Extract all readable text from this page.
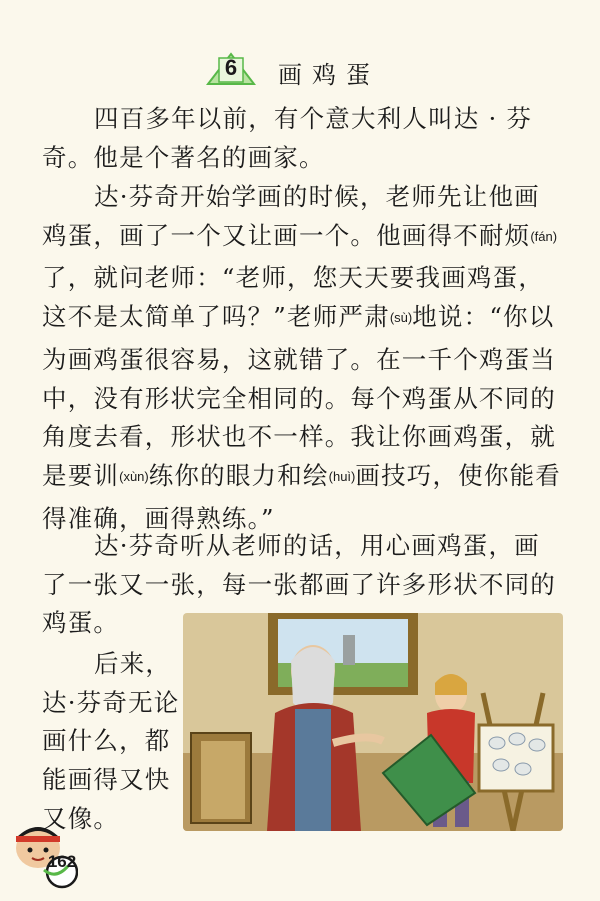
6	画鸡蛋
四百多年以前，有个意大利人叫达 · 芬奇。他是个著名的画家。
达·芬奇开始学画的时候，老师先让他画鸡蛋，画了一个又让画一个。他画得不耐烦(fán)了，就问老师：“老师，您天天要我画鸡蛋，这不是太简单了吗？”老师严肃(sù)地说：“你以为画鸡蛋很容易，这就错了。在一千个鸡蛋当中，没有形状完全相同的。每个鸡蛋从不同的角度去看，形状也不一样。我让你画鸡蛋，就是要训(xùn)练你的眼力和绘(huì)画技巧，使你能看得准确，画得熟练。”
达·芬奇听从老师的话，用心画鸡蛋，画了一张又一张，每一张都画了许多形状不同的鸡蛋。
后来，达·芬奇无论画什么，都能画得又快又像。
162
